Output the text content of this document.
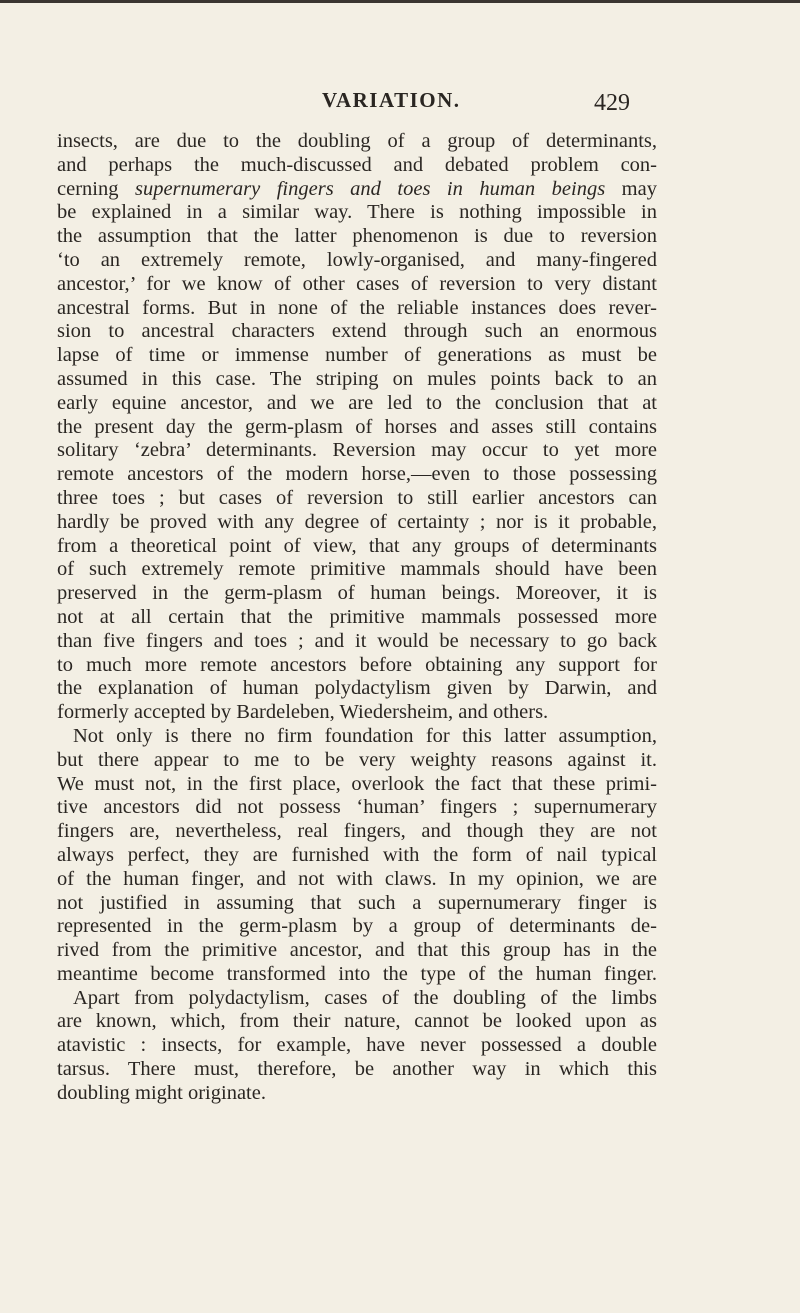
VARIATION.	429
insects, are due to the doubling of a group of determinants,
and perhaps the much-discussed and debated problem con-
cerning supernumerary fingers and toes in human beings may
be explained in a similar way. There is nothing impossible in
the assumption that the latter phenomenon is due to reversion
‘to an extremely remote, lowly-organised, and many-fingered
ancestor,’ for we know of other cases of reversion to very distant
ancestral forms. But in none of the reliable instances does rever-
sion to ancestral characters extend through such an enormous
lapse of time or immense number of generations as must be
assumed in this case. The striping on mules points back to an
early equine ancestor, and we are led to the conclusion that at
the present day the germ-plasm of horses and asses still contains
solitary ‘zebra’ determinants. Reversion may occur to yet more
remote ancestors of the modern horse,—even to those possessing
three toes ; but cases of reversion to still earlier ancestors can
hardly be proved with any degree of certainty ; nor is it probable,
from a theoretical point of view, that any groups of determinants
of such extremely remote primitive mammals should have been
preserved in the germ-plasm of human beings. Moreover, it is
not at all certain that the primitive mammals possessed more
than five fingers and toes ; and it would be necessary to go back
to much more remote ancestors before obtaining any support for
the explanation of human polydactylism given by Darwin, and
formerly accepted by Bardeleben, Wiedersheim, and others.
Not only is there no firm foundation for this latter assumption,
but there appear to me to be very weighty reasons against it.
We must not, in the first place, overlook the fact that these primi-
tive ancestors did not possess ‘human’ fingers ; supernumerary
fingers are, nevertheless, real fingers, and though they are not
always perfect, they are furnished with the form of nail typical
of the human finger, and not with claws. In my opinion, we are
not justified in assuming that such a supernumerary finger is
represented in the germ-plasm by a group of determinants de-
rived from the primitive ancestor, and that this group has in the
meantime become transformed into the type of the human finger.
Apart from polydactylism, cases of the doubling of the limbs
are known, which, from their nature, cannot be looked upon as
atavistic : insects, for example, have never possessed a double
tarsus. There must, therefore, be another way in which this
doubling might originate.
